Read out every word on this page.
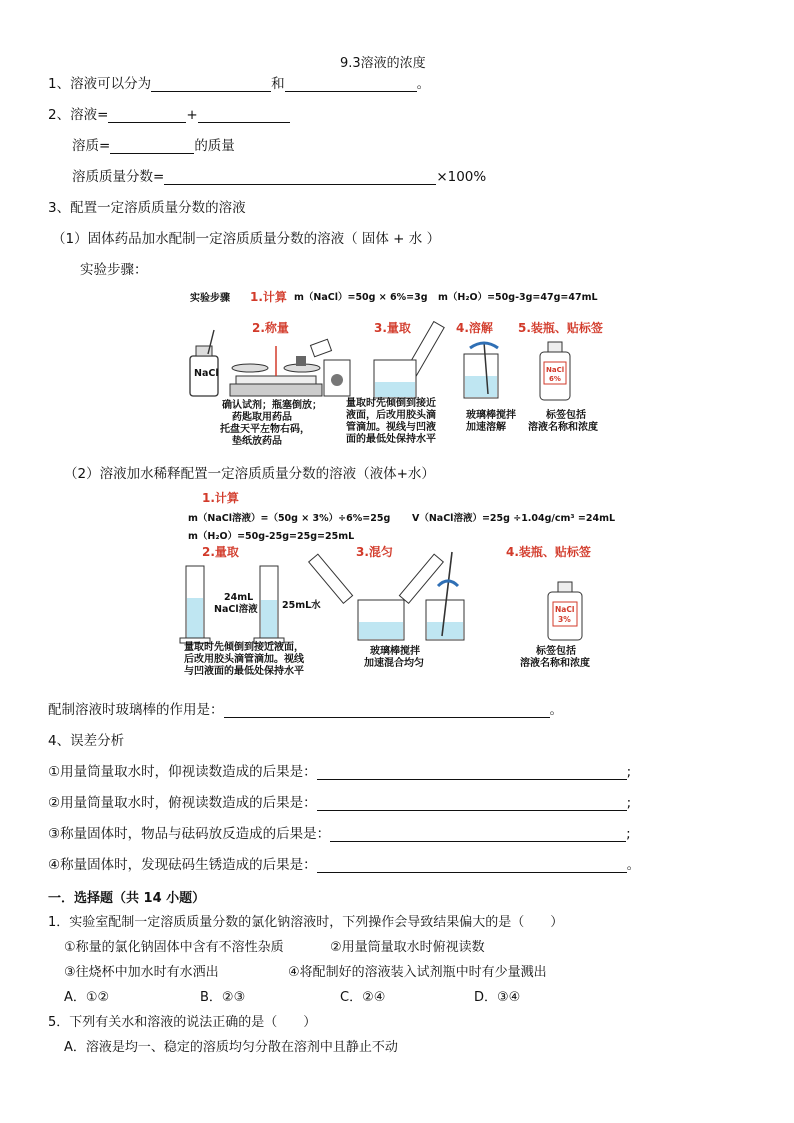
9.3溶液的浓度
1、溶液可以分为	和	。
2、溶液=	+
溶质=	的质量
溶质质量分数=	×100%
3、配置一定溶质质量分数的溶液
（1）固体药品加水配制一定溶质质量分数的溶液（ 固体 + 水 ）
实验步骤：
实验步骤 1.计算 m（NaCl）=50g × 6%=3g m（H₂O）=50g-3g=47g=47mL
2.称量	3.量取	4.溶解 5.装瓶、贴标签
NaCl	NaCl
6%
确认试剂；瓶塞倒放；
药匙取用药品
托盘天平左物右码，
垫纸放药品
量取时先倾倒到接近
液面，后改用胶头滴
管滴加。视线与凹液
面的最低处保持水平
玻璃棒搅拌
加速溶解
标签包括
溶液名称和浓度
（2）溶液加水稀释配置一定溶质质量分数的溶液（液体+水）
1.计算
m（NaCl溶液）=（50g × 3%）÷6%=25g V（NaCl溶液）=25g ÷1.04g/cm³ =24mL
m（H₂O）=50g-25g=25g=25mL
2.量取	3.混匀	4.装瓶、贴标签
24mL
NaCl溶液	25mL水	NaCl
3%
量取时先倾倒到接近液面，
后改用胶头滴管滴加。视线
与凹液面的最低处保持水平
玻璃棒搅拌
加速混合均匀
标签包括
溶液名称和浓度
配制溶液时玻璃棒的作用是：	。
4、误差分析
①用量筒量取水时，仰视读数造成的后果是：	;
②用量筒量取水时，俯视读数造成的后果是：	;
③称量固体时，物品与砝码放反造成的后果是：	;
④称量固体时，发现砝码生锈造成的后果是：	。
一．选择题（共 14 小题）
1．实验室配制一定溶质质量分数的氯化钠溶液时，下列操作会导致结果偏大的是（　　）
①称量的氯化钠固体中含有不溶性杂质	②用量筒量取水时俯视读数
③往烧杯中加水时有水洒出	④将配制好的溶液装入试剂瓶中时有少量溅出
A．①②	B．②③	C．②④	D．③④
5．下列有关水和溶液的说法正确的是（　　）
A．溶液是均一、稳定的溶质均匀分散在溶剂中且静止不动
